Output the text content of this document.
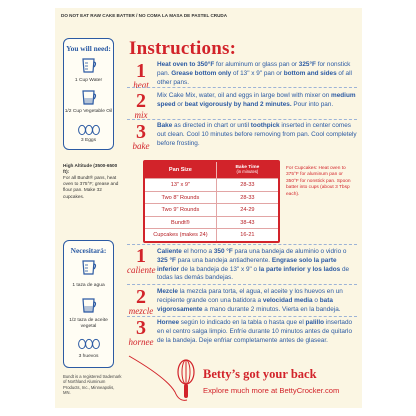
DO NOT EAT RAW CAKE BATTER / NO COMA LA MASA DE PASTEL CRUDA
You will need:
1 Cup Water
1/2 Cup Vegetable Oil
3 Eggs
High Altitude (3500-6500 ft):
For all Bundt® pans, heat oven to 375°F; grease and flour pan. Make 32 cupcakes.
Necesitará:
1 taza de agua
1/2 taza de aceite vegetal
3 huevos
Bundt is a registered trademark of Northland Aluminum Products, Inc., Minneapolis, MN.
Instructions:
1
heat
Heat oven to 350°F for aluminum or glass pan or 325°F for nonstick pan. Grease bottom only of 13" x 9" pan or bottom and sides of all other pans.
2
mix
Mix Cake Mix, water, oil and eggs in large bowl with mixer on medium speed or beat vigorously by hand 2 minutes. Pour into pan.
3
bake
Bake as directed in chart or until toothpick inserted in center comes out clean. Cool 10 minutes before removing from pan. Cool completely before frosting.
Pan Size	Bake Time
(in minutes)
13" x 9"	28-33
Two 8" Rounds	28-33
Two 9" Rounds	24-29
Bundt®	38-43
Cupcakes (makes 24)	16-21
For Cupcakes: Heat oven to 375°F for aluminum pan or 350°F for nonstick pan. Spoon batter into cups (about 3 Tbsp each).
1
caliente
Caliente el horno a 350 °F para una bandeja de aluminio o vidrio o 325 °F para una bandeja antiadherente. Engrase solo la parte inferior de la bandeja de 13" x 9" o la parte inferior y los lados de todas las demás bandejas.
2
mezcle
Mezcle la mezcla para torta, el agua, el aceite y los huevos en un recipiente grande con una batidora a velocidad media o bata vigorosamente a mano durante 2 minutos. Vierta en la bandeja.
3
hornee
Hornee según lo indicado en la tabla o hasta que el palillo insertado en el centro salga limpio. Enfríe durante 10 minutos antes de quitarlo de la bandeja. Deje enfriar completamente antes de glasear.
Betty’s got your back
Explore much more at BettyCrocker.com
